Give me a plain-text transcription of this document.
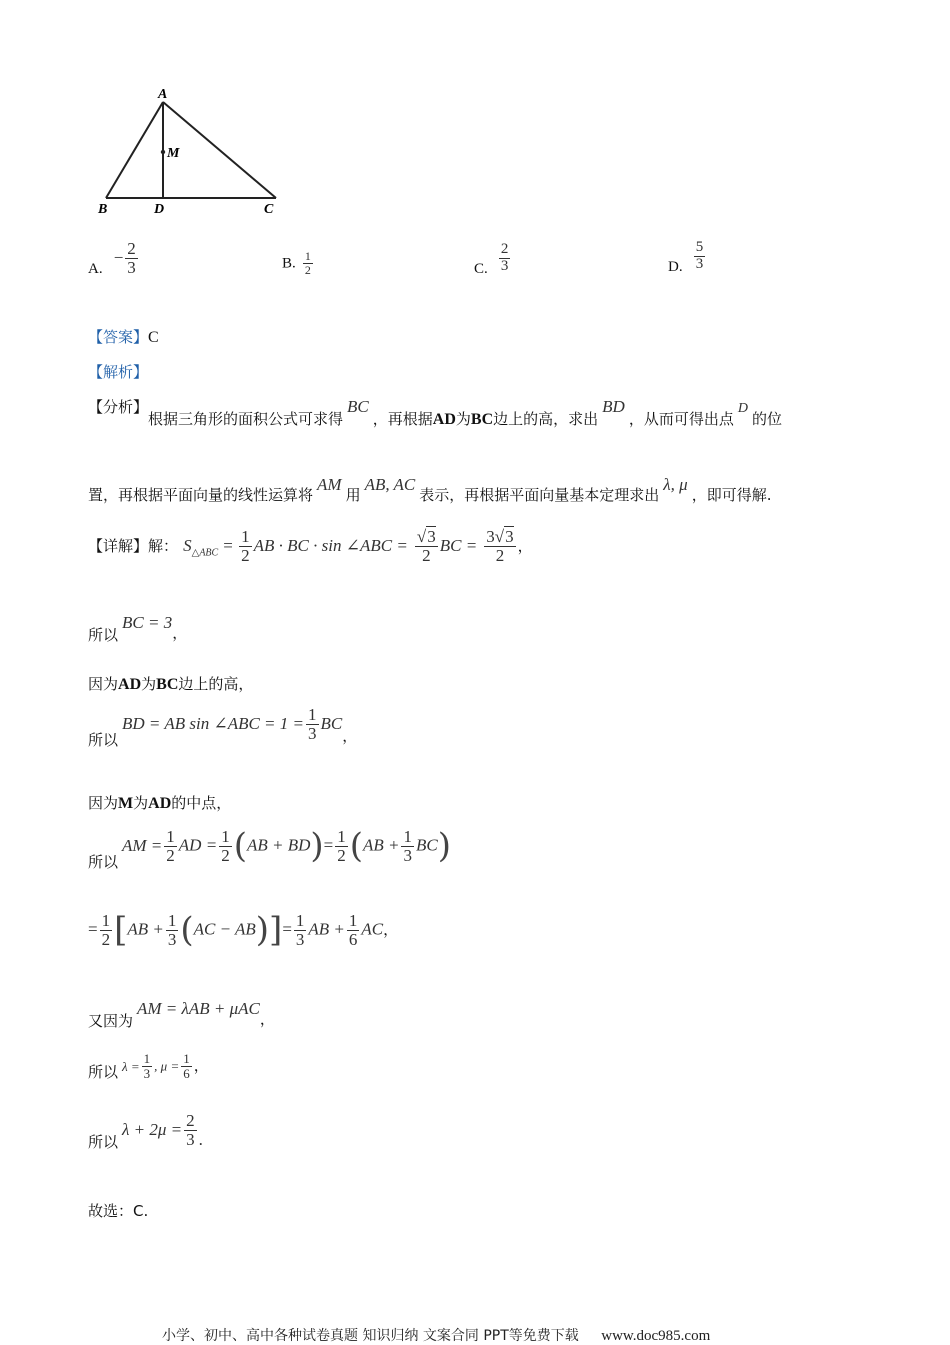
A
M
B	D	C
A. − $\frac{2}{3}$	B. $\frac{1}{2}$	C. $\frac{2}{3}$	D. $\frac{5}{3}$
【答案】C
【解析】
【分析】根据三角形的面积公式可求得BC，再根据AD为BC边上的高，求出BD，从而可得出点D的位
置，再根据平面向量的线性运算将AM用AB, AC表示，再根据平面向量基本定理求出λ, μ，即可得解.
【详解】解： $S_{\triangle ABC} = \frac{1}{2}$ AB · BC · sin ∠ABC = $\frac{√3}{2}$ BC = $\frac{3√3}{2}$ ，
所以BC = 3，
因为AD为BC边上的高，
所以BD = AB sin ∠ABC = $1 = \frac{1}{3}$ BC，
因为M为AD的中点，
所以AM = $\frac{1}{2}$ AD = $\frac{1}{2} (AB + BD)= \frac{1}{2} (AB + \frac{1}{3} BC)$
= $\frac{1}{2} [AB + \frac{1}{3} (AC - AB)]= \frac{1}{3}$ AB + $\frac{1}{6}$ AC，
又因为AM = λAB + μAC，
所以 $\lambda = \frac{1}{3}$ , $\mu = \frac{1}{6}$ ，
所以$\lambda + 2\mu = \frac{2}{3}$ .
故选：C.
小学、初中、高中各种试卷真题 知识归纳 文案合同 PPT等免费下载 www.doc985.com
